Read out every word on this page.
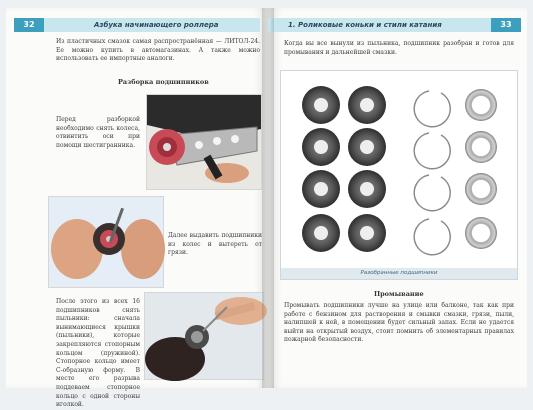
32	Азбука начинающего роллера
Из пластичных смазок самая распространённая — ЛИТОЛ-24. Ее можно купить в автомагазинах. А также можно использовать ее импортные аналоги.
Разборка подшипников
Перед разборкой необходимо снять колеса, отвинтить оси при помощи шестигранника.
Далее выдавить подшипники из колес и вытереть от грязи.
После этого из всех 16 подшипников снять пыльники: сначала вынимающиеся крышки (пыльники), которые закрепляются стопорным кольцом (пружиной). Стопорное кольцо имеет С-образную форму. В месте его разрыва поддеваем стопорное кольцо с одной стороны иголкой.
1. Роликовые коньки и стили катания	33
Когда вы все вынули из пыльника, подшипник разобран и готов для промывания и дальнейшей смазки.
Разобранные подшипники
Промывание
Промывать подшипники лучше на улице или балконе, так как при работе с бензином для растворения и смывки смазки, грязи, пыли, налипшей к ней, в помещении будет сильный запах. Если не удается выйти на открытый воздух, стоит помнить об элементарных правилах пожарной безопасности.
